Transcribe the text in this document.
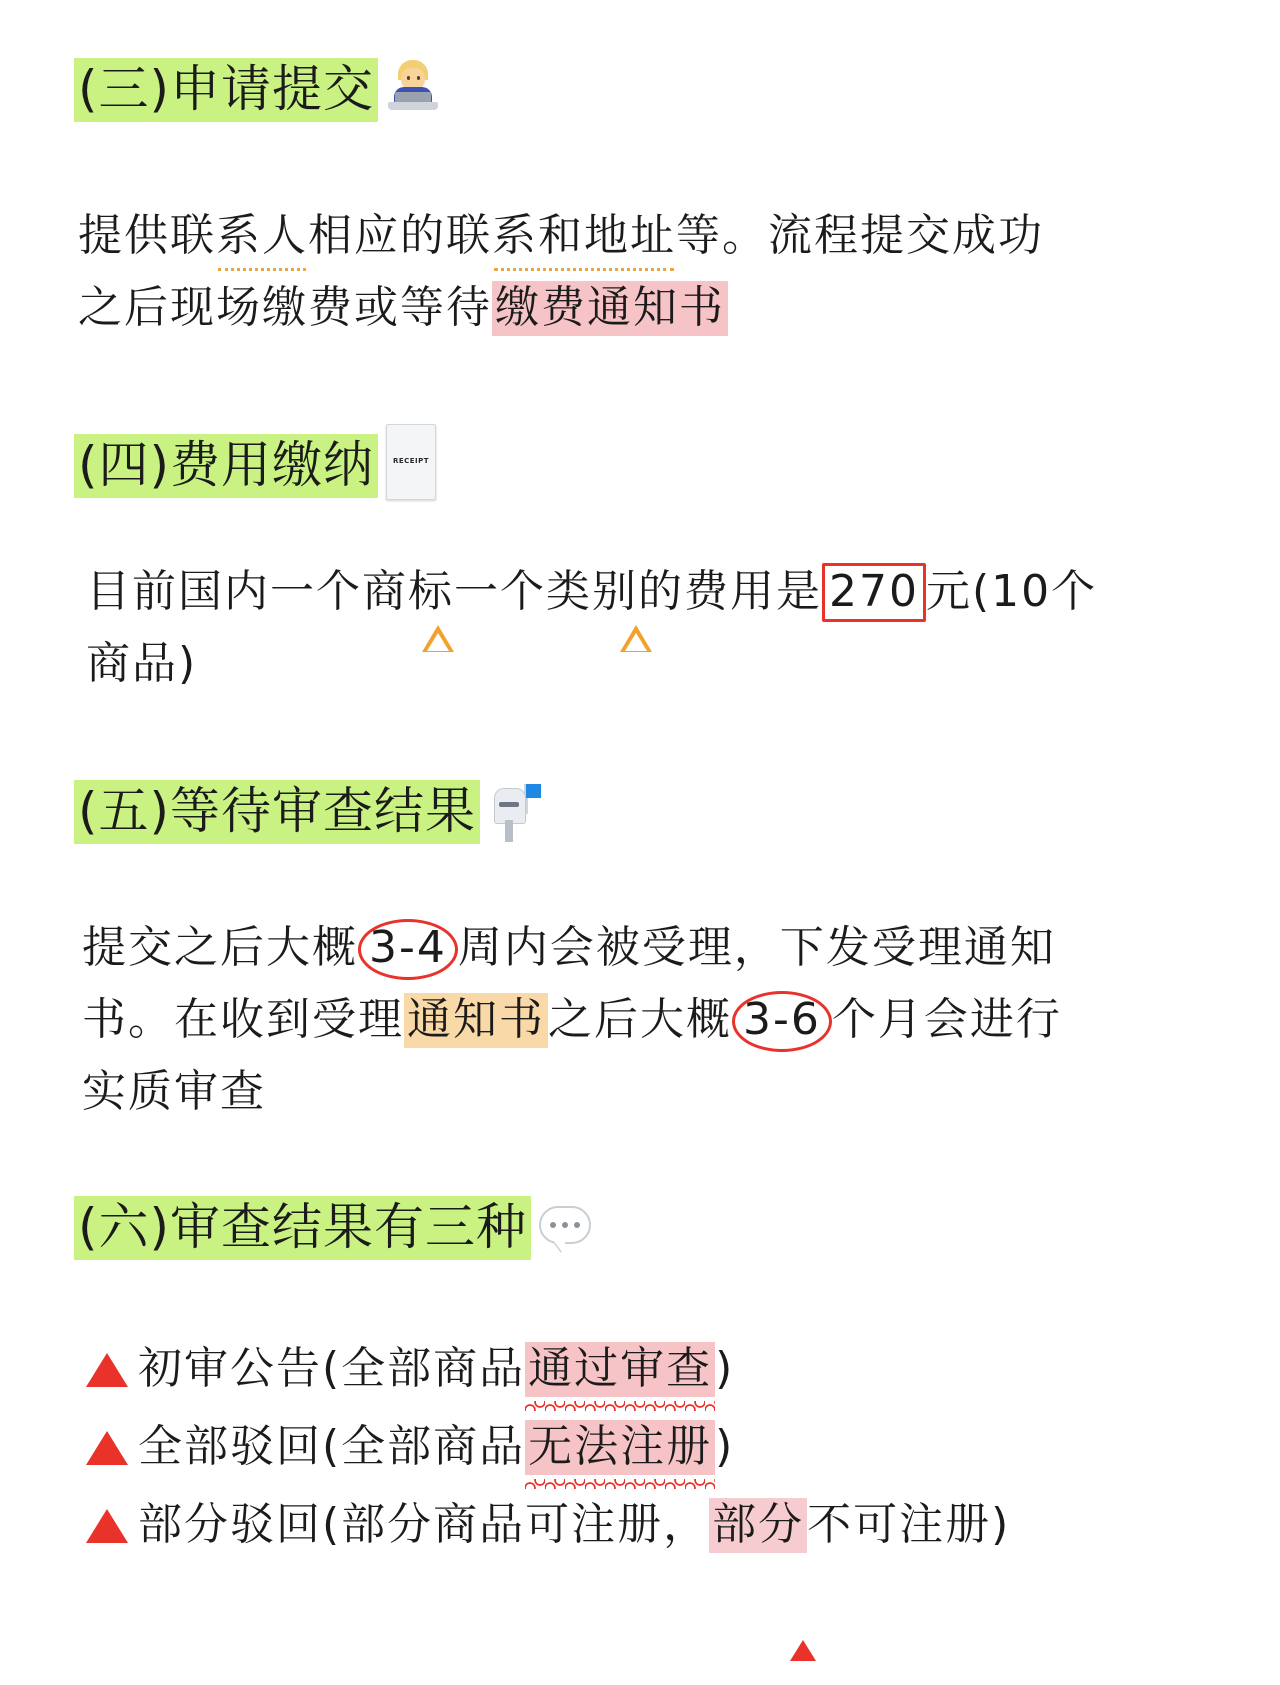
(三)申请提交
提供联系人相应的联系和地址等。流程提交成功
之后现场缴费或等待缴费通知书
(四)费用缴纳	RECEIPT
目前国内一个商标一个类别的费用是 270 元(10个
商品)
(五)等待审查结果
提交之后大概 3-4 周内会被受理，下发受理通知
书。在收到受理通知书之后大概 3-6 个月会进行
实质审查
(六)审查结果有三种
初审公告(全部商品通过审查)
全部驳回(全部商品无法注册)
部分驳回(部分商品可注册，部分不可注册)
